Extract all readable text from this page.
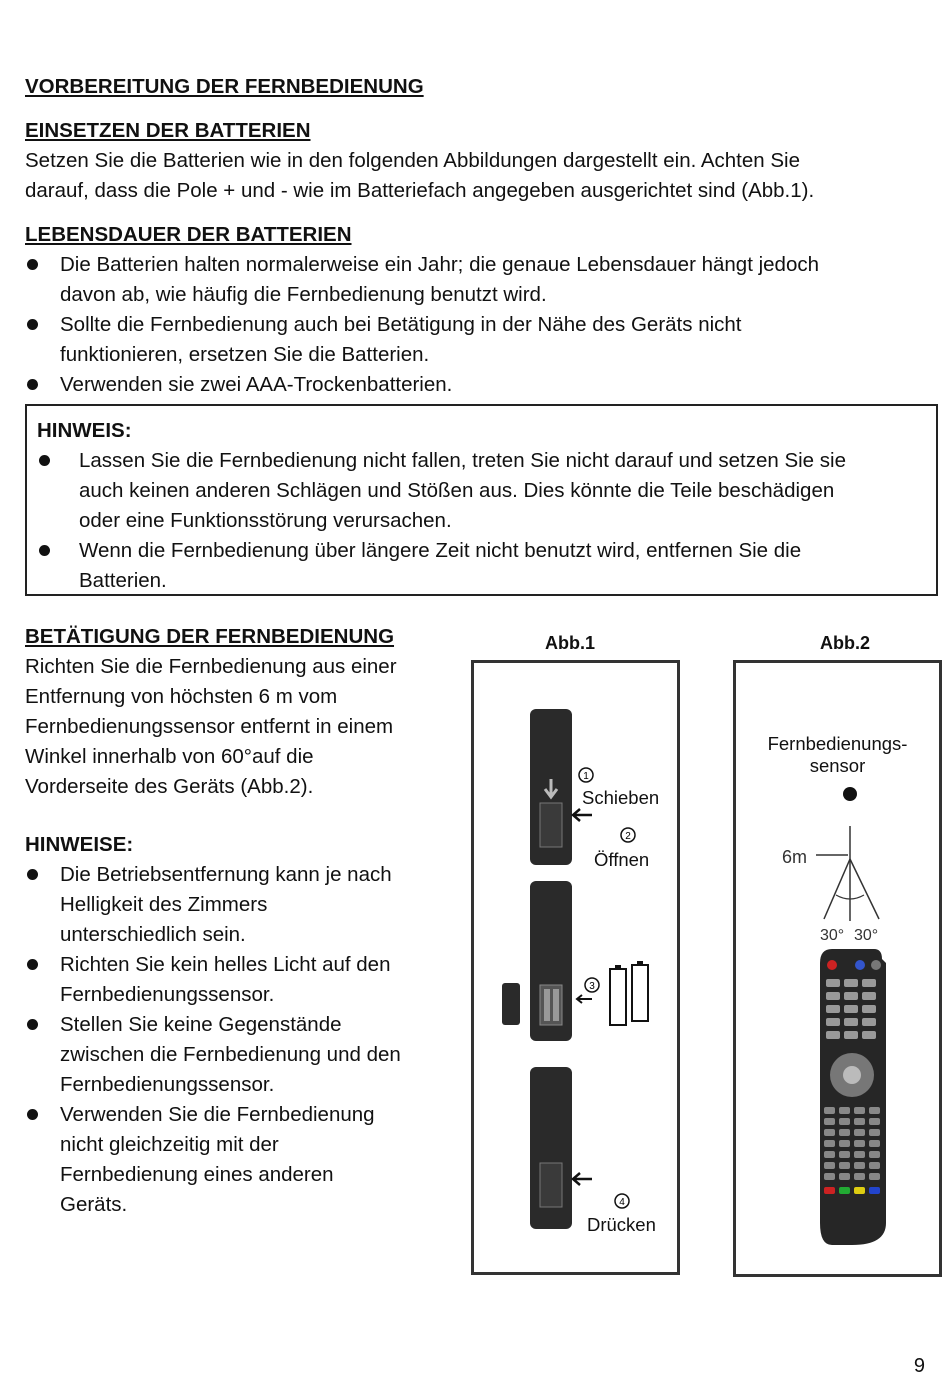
VORBEREITUNG DER FERNBEDIENUNG

EINSETZEN DER BATTERIEN

Setzen Sie die Batterien wie in den folgenden Abbildungen dargestellt ein. Achten Sie

darauf, dass die Pole + und - wie im Batteriefach angegeben ausgerichtet sind (Abb.1).

LEBENSDAUER DER BATTERIEN

Die Batterien halten normalerweise ein Jahr; die genaue Lebensdauer hängt jedoch
davon ab, wie häufig die Fernbedienung benutzt wird.
Sollte die Fernbedienung auch bei Betätigung in der Nähe des Geräts nicht
funktionieren, ersetzen Sie die Batterien.
Verwenden sie zwei AAA-Trockenbatterien.
HINWEIS:
Lassen Sie die Fernbedienung nicht fallen, treten Sie nicht darauf und setzen Sie sie
auch keinen anderen Schlägen und Stößen aus. Dies könnte die Teile beschädigen
oder eine Funktionsstörung verursachen.
Wenn die Fernbedienung über längere Zeit nicht benutzt wird, entfernen Sie die
Batterien.

BETÄTIGUNG DER FERNBEDIENUNG

Richten Sie die Fernbedienung aus einer

Entfernung von höchsten 6 m vom

Fernbedienungssensor entfernt in einem

Winkel innerhalb von 60°auf die

Vorderseite des Geräts (Abb.2).

HINWEISE:

Die Betriebsentfernung kann je nach
Helligkeit des Zimmers
unterschiedlich sein.
Richten Sie kein helles Licht auf den
Fernbedienungssensor.
Stellen Sie keine Gegenstände
zwischen die Fernbedienung und den
Fernbedienungssensor.
Verwenden Sie die Fernbedienung
nicht gleichzeitig mit der
Fernbedienung eines anderen
Geräts.
Abb.1
1
2
3
4
Schieben
Öffnen
Drücken
Abb.2
Fernbedienungs-
sensor
6m
30° 30°
9
